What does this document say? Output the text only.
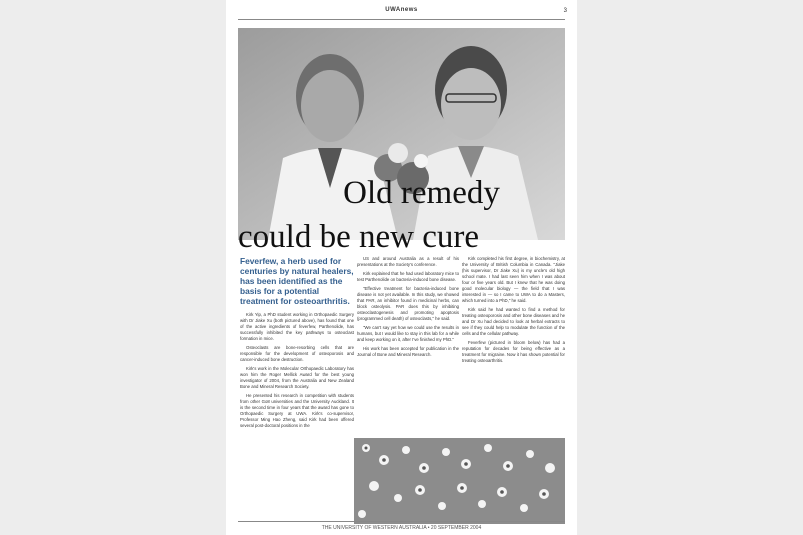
UWAnews	3
Old remedy
could be new cure
Feverfew, a herb used for centuries by natural healers, has been identified as the basis for a potential treatment for osteoarthritis.

Kirk Yip, a PhD student working in Orthopaedic Surgery with Dr Jiake Xu (both pictured above), has found that one of the active ingredients of feverfew, Parthenolide, has successfully inhibited the key pathways to osteoclast formation in mice.

Osteoclasts are bone-resorbing cells that are responsible for the development of osteoporosis and cancer-induced bone destruction.

Kirk's work in the Molecular Orthopaedic Laboratory has won him the Roger Mellick Award for the best young investigator of 2004, from the Australia and New Zealand Bone and Mineral Research Society.

He presented his research in competition with students from other Go8 universities and the University Auckland. It is the second time in four years that the award has gone to Orthopaedic Surgery at UWA. Kirk's co-supervisor, Professor Ming Hao Zheng, said Kirk had been offered several post-doctoral positions in the

US and around Australia as a result of his presentations at the Society's conference.

Kirk explained that he had used laboratory mice to test Parthenolide on bacteria-induced bone disease.

"Effective treatment for bacteria-induced bone disease is not yet available. In this study, we showed that PAR, an inhibitor found in medicinal herbs, can block osteolysis. PAR does this by inhibiting osteoclastogenesis and promoting apoptosis (programmed cell death) of osteoclasts," he said.

"We can't say yet how we could use the results in humans, but I would like to stay in this lab for a while and keep working on it, after I've finished my PhD."

His work has been accepted for publication in the Journal of Bone and Mineral Research.

Kirk completed his first degree, in biochemistry, at the University of British Columbia in Canada. "Jiake (his supervisor, Dr Jiake Xu) is my uncle's old high school mate. I had last seen him when I was about four or five years old. But I knew that he was doing good molecular biology — the field that I was interested in — so I came to UWA to do a Masters, which turned into a PhD," he said.

Kirk said he had wanted to find a method for treating osteoporosis and other bone diseases and he and Dr Xu had decided to look at herbal extracts to see if they could help to modulate the function of the cells and the cellular pathway.

Feverfew (pictured in bloom below) has had a reputation for decades for being effective as a treatment for migraine. Now it has shown potential for treating osteoarthritis.

THE UNIVERSITY OF WESTERN AUSTRALIA • 20 SEPTEMBER 2004
